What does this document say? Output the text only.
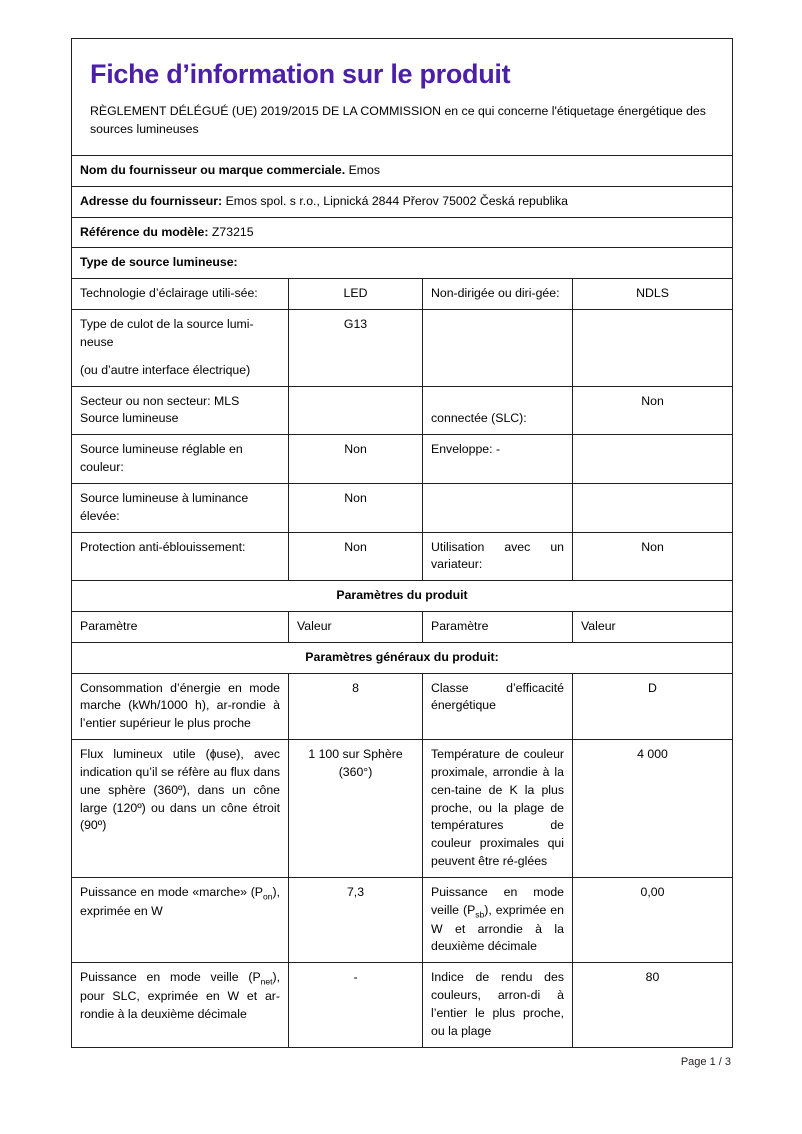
Fiche d’information sur le produit
RÈGLEMENT DÉLÉGUÉ (UE) 2019/2015 DE LA COMMISSION en ce qui concerne l'étiquetage énergétique des sources lumineuses			

Nom du fournisseur ou marque commerciale. Emos			
Adresse du fournisseur: Emos spol. s r.o., Lipnická 2844 Přerov 75002 Česká republika			
Référence du modèle: Z73215			
Type de source lumineuse:			
Technologie d’éclairage utili-sée:	LED	Non-dirigée ou diri-gée:	NDLS

Type de culot de la source lumi-neuse
(ou d’autre interface électrique)	G13		
Secteur ou non secteur: MLS Source lumineuse		connectée (SLC):	Non
Source lumineuse réglable en couleur:	Non	Enveloppe: -	
Source lumineuse à luminance élevée:	Non		
Protection anti-éblouissement:	Non	Utilisation avec un variateur:	Non
Paramètres du produit			
Paramètre	Valeur	Paramètre	Valeur
Paramètres généraux du produit:			
Consommation d’énergie en mode marche (kWh/1000 h), ar-rondie à l’entier supérieur le plus proche	8	Classe d’efficacité énergétique	D
Flux lumineux utile (ɸuse), avec indication qu’il se réfère au flux dans une sphère (360º), dans un cône large (120º) ou dans un cône étroit (90º)	1 100 sur Sphère (360°)	Température de couleur proximale, arrondie à la cen-taine de K la plus proche, ou la plage de températures de couleur proximales qui peuvent être ré-glées	4 000
Puissance en mode «marche» $(P_{on})$, exprimée en W	7,3	Puissance en mode veille $(P_{sb})$, exprimée en W et arrondie à la deuxième décimale	0,00
Puissance en mode veille $(P_{net})$, pour SLC, exprimée en W et ar-rondie à la deuxième décimale	-	Indice de rendu des couleurs, arron-di à l’entier le plus proche, ou la plage	80
Page 1 / 3
